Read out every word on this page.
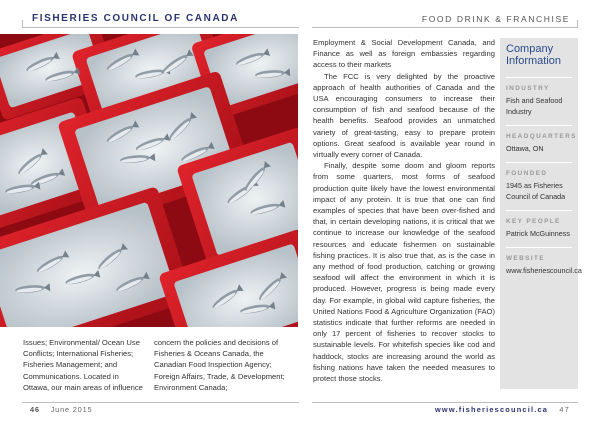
FISHERIES COUNCIL OF CANADA	FOOD DRINK & FRANCHISE
Issues; Environmental/ Ocean Use Conflicts; International Fisheries; Fisheries Management; and Communications. Located in Ottawa, our main areas of influence
concern the policies and decisions of Fisheries & Oceans Canada, the Canadian Food Inspection Agency; Foreign Affairs, Trade, & Development; Environment Canada;

Employment & Social Development Canada, and Finance as well as foreign embassies regarding access to their markets

The FCC is very delighted by the proactive approach of health authorities of Canada and the USA encouraging consumers to increase their consumption of fish and seafood because of the health benefits. Seafood provides an unmatched variety of great-tasting, easy to prepare protein options. Great seafood is available year round in virtually every corner of Canada.

Finally, despite some doom and gloom reports from some quarters, most forms of seafood production quite likely have the lowest environmental impact of any protein. It is true that one can find examples of species that have been over-fished and that, in certain developing nations, it is critical that we continue to increase our knowledge of the seafood resources and educate fishermen on sustainable fishing practices. It is also true that, as is the case in any method of food production, catching or growing seafood will affect the environment in which it is produced. However, progress is being made every day. For example, in global wild capture fisheries, the United Nations Food & Agriculture Organization (FAO) statistics indicate that further reforms are needed in only 17 percent of fisheries to recover stocks to sustainable levels. For whitefish species like cod and haddock, stocks are increasing around the world as fishing nations have taken the needed measures to protect those stocks.

Company Information
INDUSTRY
Fish and Seafood Industry
HEADQUARTERS
Ottawa, ON
FOUNDED
1945 as Fisheries Council of Canada
KEY PEOPLE
Patrick McGuinness
WEBSITE
www.fisheriescouncil.ca
46 June 2015	www.fisheriescouncil.ca 47
